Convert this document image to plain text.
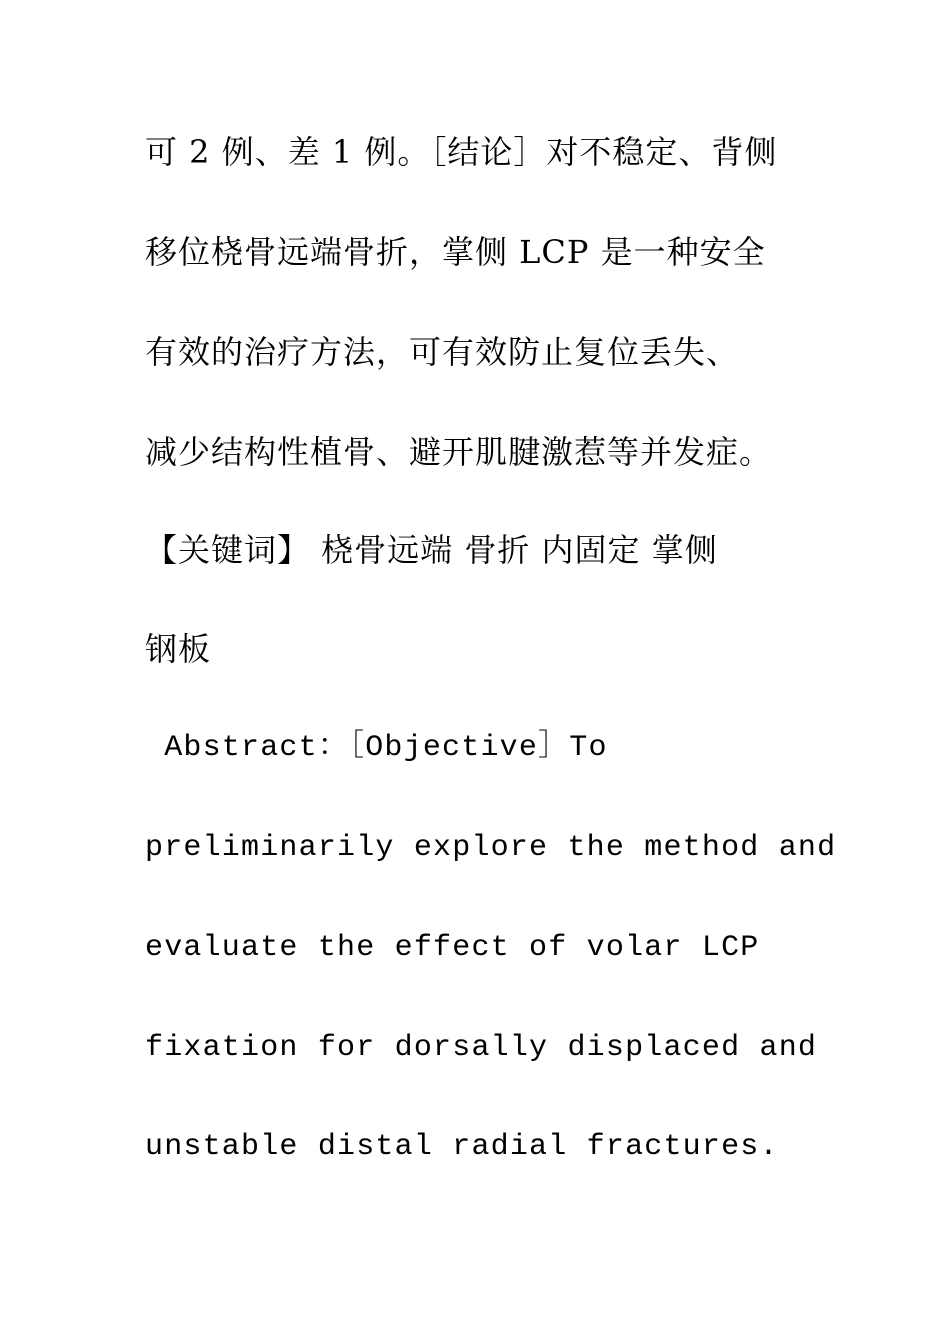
可 2 例、差 1 例。［结论］对不稳定、背侧
移位桡骨远端骨折，掌侧 LCP 是一种安全
有效的治疗方法，可有效防止复位丢失、
减少结构性植骨、避开肌腱激惹等并发症。
【关键词】 桡骨远端 骨折 内固定 掌侧
钢板
Abstract：［Objective］To
preliminarily explore the method and
evaluate the effect of volar LCP
fixation for dorsally displaced and
unstable distal radial fractures.
